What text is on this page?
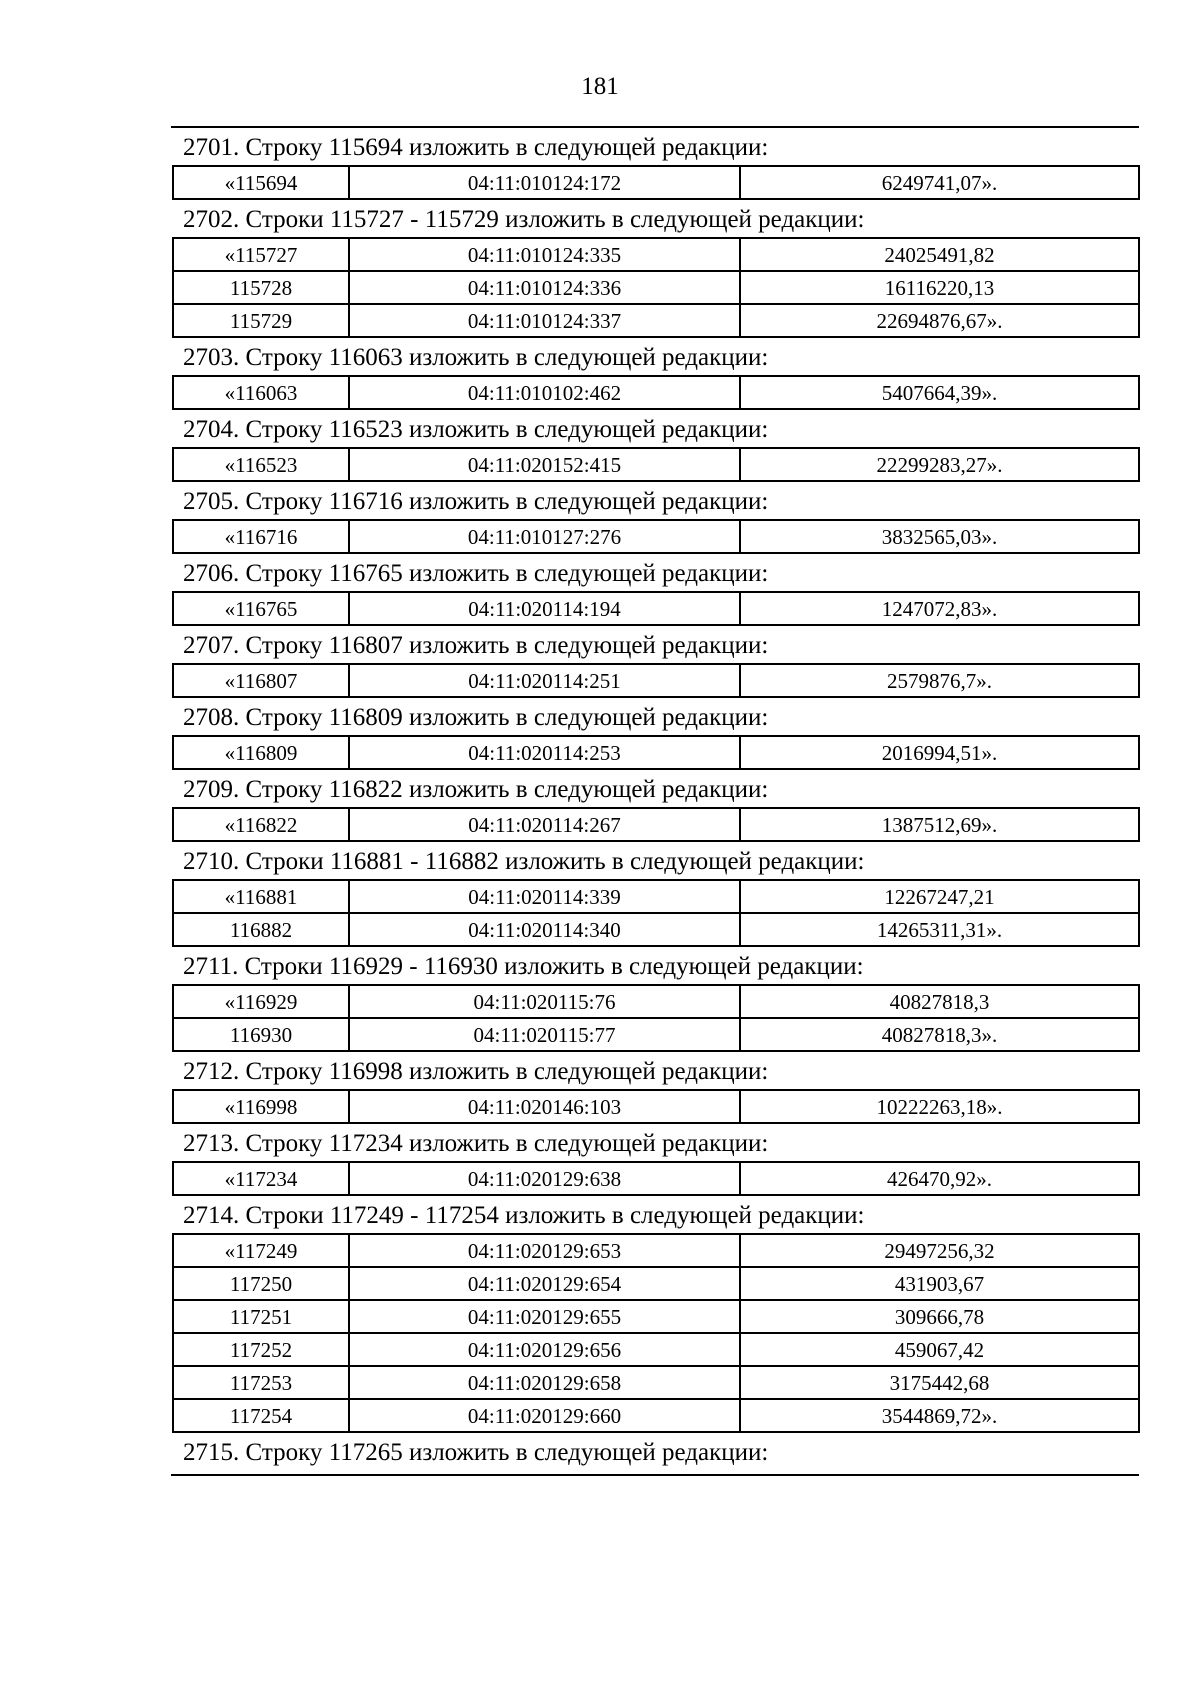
181
2701. Строку 115694 изложить в следующей редакции:
«115694	04:11:010124:172	6249741,07».
2702. Строки 115727 - 115729 изложить в следующей редакции:
«115727	04:11:010124:335	24025491,82
115728	04:11:010124:336	16116220,13
115729	04:11:010124:337	22694876,67».
2703. Строку 116063 изложить в следующей редакции:
«116063	04:11:010102:462	5407664,39».
2704. Строку 116523 изложить в следующей редакции:
«116523	04:11:020152:415	22299283,27».
2705. Строку 116716 изложить в следующей редакции:
«116716	04:11:010127:276	3832565,03».
2706. Строку 116765 изложить в следующей редакции:
«116765	04:11:020114:194	1247072,83».
2707. Строку 116807 изложить в следующей редакции:
«116807	04:11:020114:251	2579876,7».
2708. Строку 116809 изложить в следующей редакции:
«116809	04:11:020114:253	2016994,51».
2709. Строку 116822 изложить в следующей редакции:
«116822	04:11:020114:267	1387512,69».
2710. Строки 116881 - 116882 изложить в следующей редакции:
«116881	04:11:020114:339	12267247,21
116882	04:11:020114:340	14265311,31».
2711. Строки 116929 - 116930 изложить в следующей редакции:
«116929	04:11:020115:76	40827818,3
116930	04:11:020115:77	40827818,3».
2712. Строку 116998 изложить в следующей редакции:
«116998	04:11:020146:103	10222263,18».
2713. Строку 117234 изложить в следующей редакции:
«117234	04:11:020129:638	426470,92».
2714. Строки 117249 - 117254 изложить в следующей редакции:
«117249	04:11:020129:653	29497256,32
117250	04:11:020129:654	431903,67
117251	04:11:020129:655	309666,78
117252	04:11:020129:656	459067,42
117253	04:11:020129:658	3175442,68
117254	04:11:020129:660	3544869,72».
2715. Строку 117265 изложить в следующей редакции:
